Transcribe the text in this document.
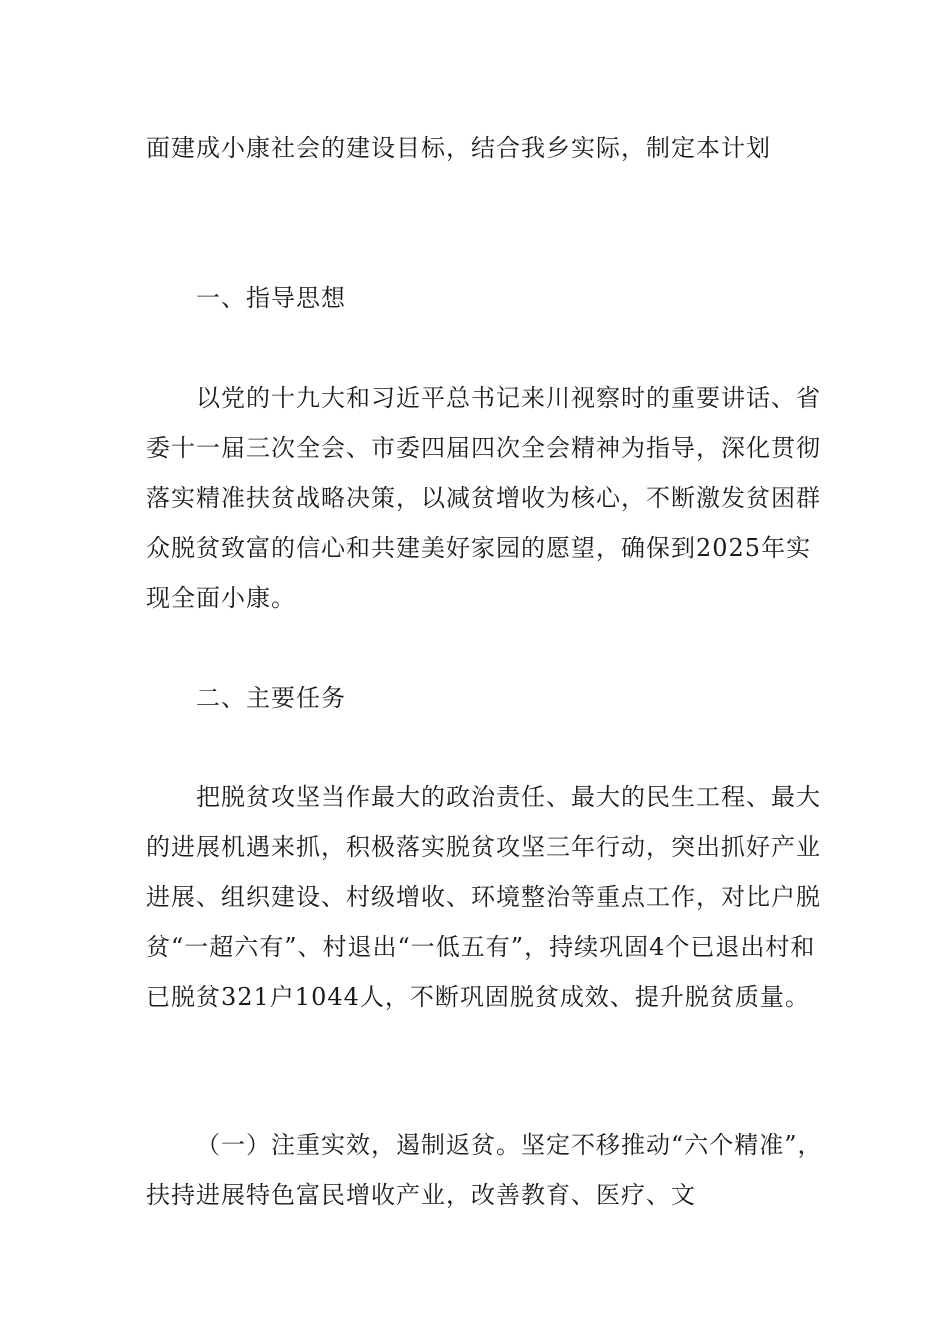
面建成小康社会的建设目标，结合我乡实际，制定本计划

一、指导思想

以党的十九大和习近平总书记来川视察时的重要讲话、省委十一届三次全会、市委四届四次全会精神为指导，深化贯彻落实精准扶贫战略决策，以减贫增收为核心，不断激发贫困群众脱贫致富的信心和共建美好家园的愿望，确保到2025年实现全面小康。

二、主要任务

把脱贫攻坚当作最大的政治责任、最大的民生工程、最大的进展机遇来抓，积极落实脱贫攻坚三年行动，突出抓好产业进展、组织建设、村级增收、环境整治等重点工作，对比户脱贫“一超六有”、村退出“一低五有”，持续巩固4个已退出村和已脱贫321户1044人，不断巩固脱贫成效、提升脱贫质量。

（一）注重实效，遏制返贫。坚定不移推动“六个精准”，扶持进展特色富民增收产业，改善教育、医疗、文
